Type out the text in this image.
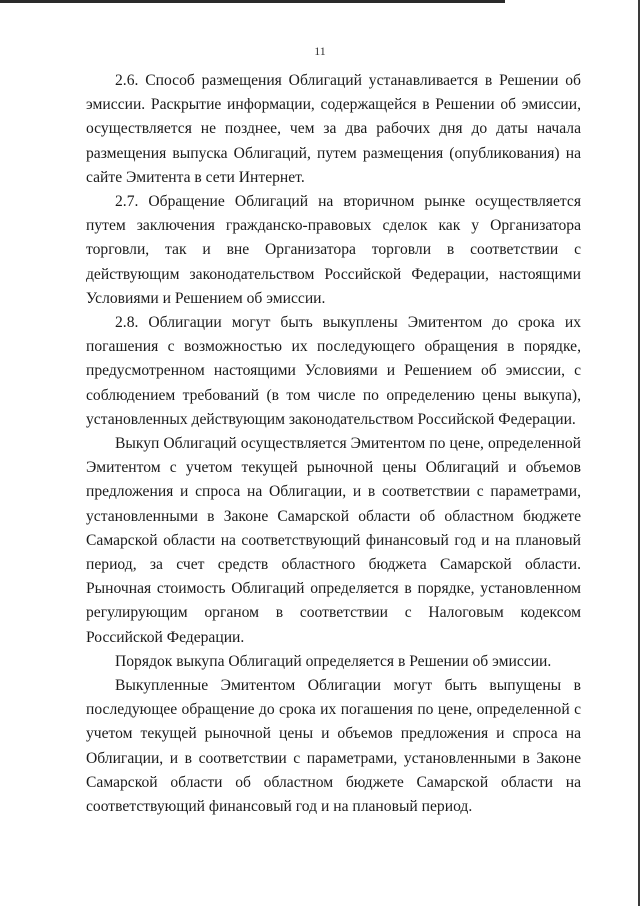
11

2.6. Способ размещения Облигаций устанавливается в Решении об эмиссии. Раскрытие информации, содержащейся в Решении об эмиссии, осуществляется не позднее, чем за два рабочих дня до даты начала размещения выпуска Облигаций, путем размещения (опубликования) на сайте Эмитента в сети Интернет.

2.7. Обращение Облигаций на вторичном рынке осуществляется путем заключения гражданско-правовых сделок как у Организатора торговли, так и вне Организатора торговли в соответствии с действующим законодательством Российской Федерации, настоящими Условиями и Решением об эмиссии.

2.8. Облигации могут быть выкуплены Эмитентом до срока их погашения с возможностью их последующего обращения в порядке, предусмотренном настоящими Условиями и Решением об эмиссии, с соблюдением требований (в том числе по определению цены выкупа), установленных действующим законодательством Российской Федерации.

Выкуп Облигаций осуществляется Эмитентом по цене, определенной Эмитентом с учетом текущей рыночной цены Облигаций и объемов предложения и спроса на Облигации, и в соответствии с параметрами, установленными в Законе Самарской области об областном бюджете Самарской области на соответствующий финансовый год и на плановый период, за счет средств областного бюджета Самарской области. Рыночная стоимость Облигаций определяется в порядке, установленном регулирующим органом в соответствии с Налоговым кодексом Российской Федерации.

Порядок выкупа Облигаций определяется в Решении об эмиссии.

Выкупленные Эмитентом Облигации могут быть выпущены в последующее обращение до срока их погашения по цене, определенной с учетом текущей рыночной цены и объемов предложения и спроса на Облигации, и в соответствии с параметрами, установленными в Законе Самарской области об областном бюджете Самарской области на соответствующий финансовый год и на плановый период.
